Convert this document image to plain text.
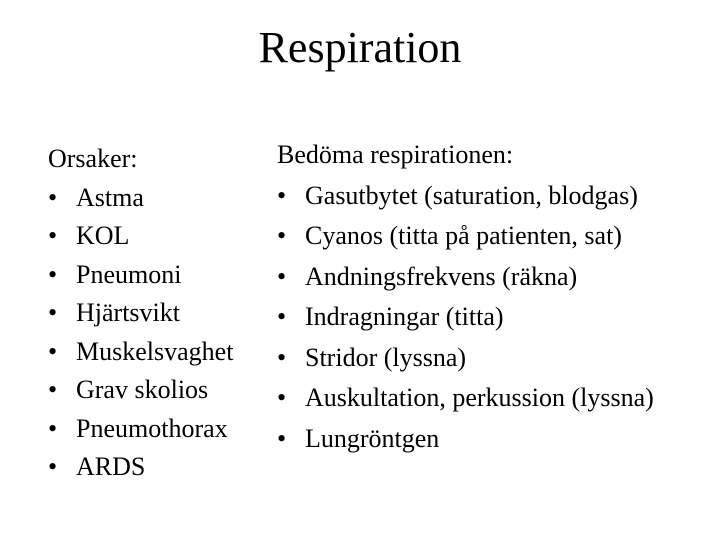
Respiration
Orsaker:
• Astma
• KOL
• Pneumoni
• Hjärtsvikt
• Muskelsvaghet
• Grav skolios
• Pneumothorax
• ARDS
Bedöma respirationen:
• Gasutbytet (saturation, blodgas)
• Cyanos (titta på patienten, sat)
• Andningsfrekvens (räkna)
• Indragningar (titta)
• Stridor (lyssna)
• Auskultation, perkussion (lyssna)
• Lungröntgen
